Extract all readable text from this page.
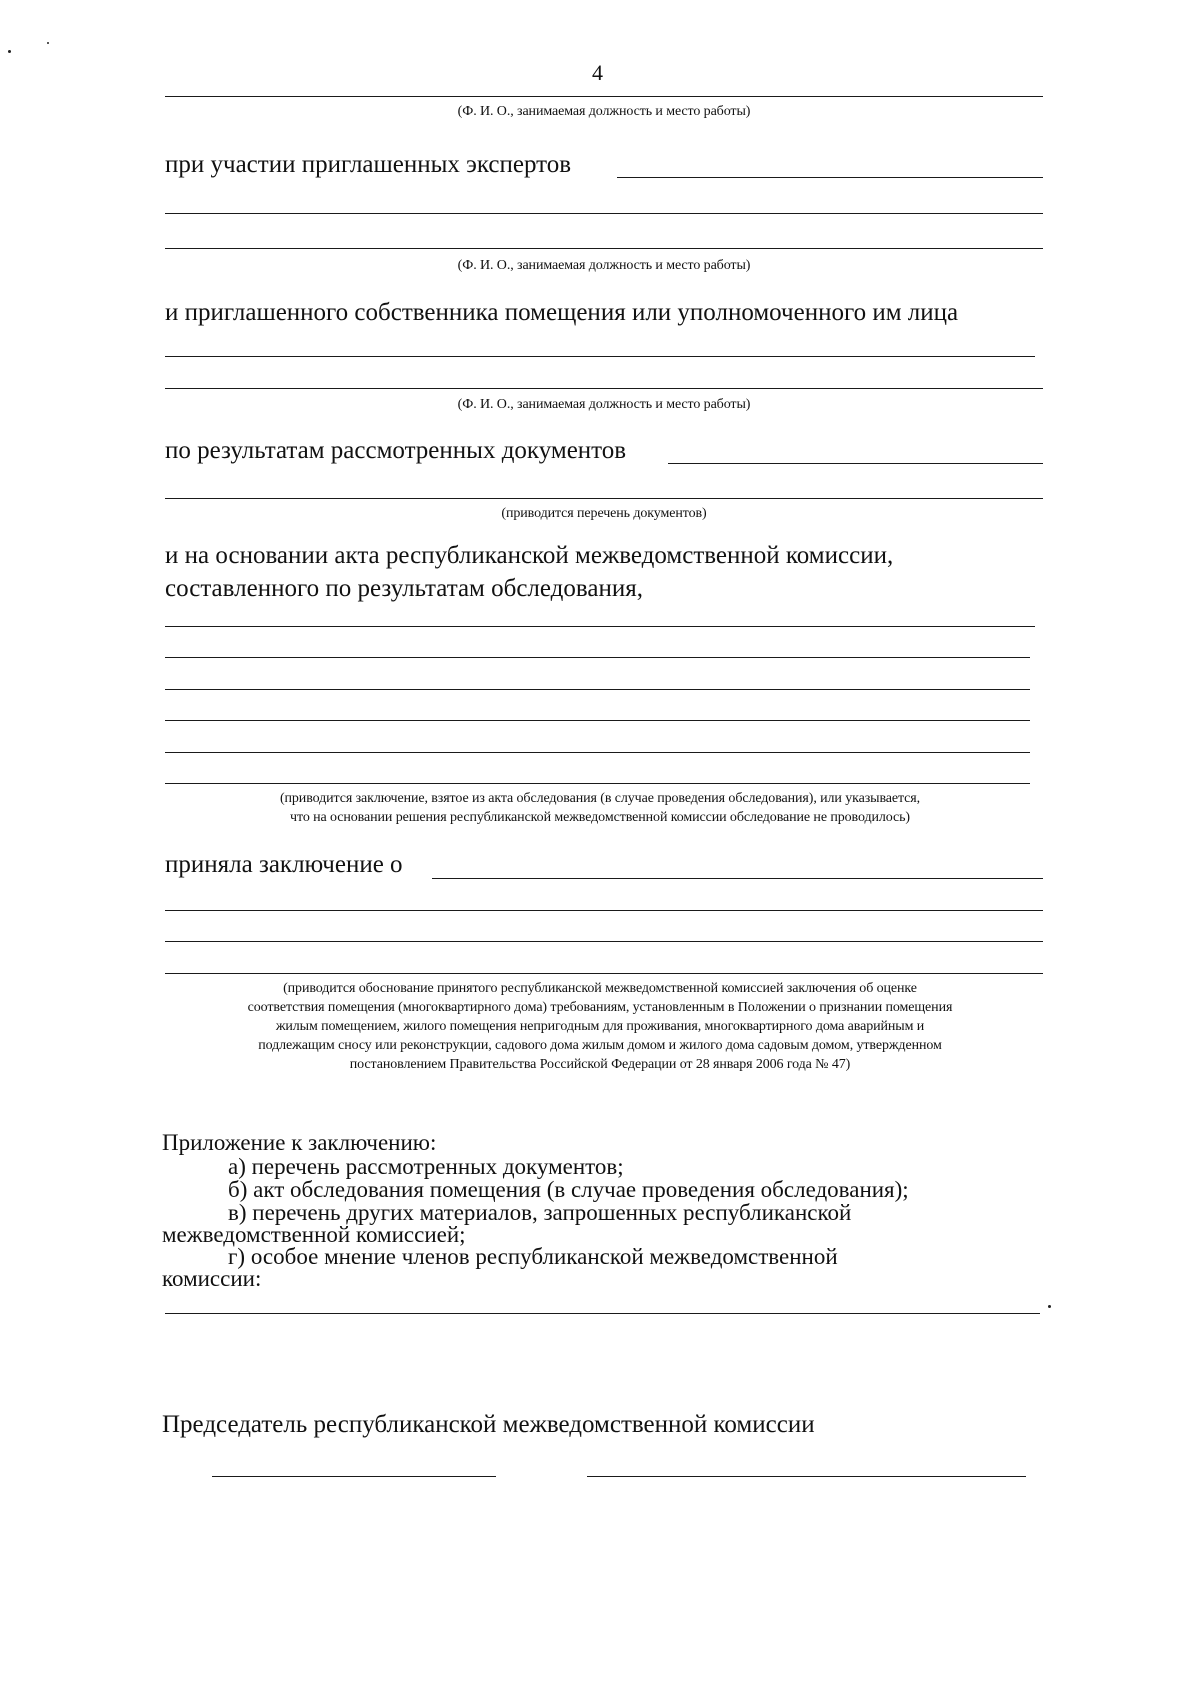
4
(Ф. И. О., занимаемая должность и место работы)
при участии приглашенных экспертов
(Ф. И. О., занимаемая должность и место работы)
и приглашенного собственника помещения или уполномоченного им лица
(Ф. И. О., занимаемая должность и место работы)
по результатам рассмотренных документов
(приводится перечень документов)
и на основании акта республиканской межведомственной комиссии,
составленного по результатам обследования,
(приводится заключение, взятое из акта обследования (в случае проведения обследования), или указывается,
что на основании решения республиканской межведомственной комиссии обследование не проводилось)
приняла заключение о
(приводится обоснование принятого республиканской межведомственной комиссией заключения об оценке
соответствия помещения (многоквартирного дома) требованиям, установленным в Положении о признании помещения
жилым помещением, жилого помещения непригодным для проживания, многоквартирного дома аварийным и
подлежащим сносу или реконструкции, садового дома жилым домом и жилого дома садовым домом, утвержденном
постановлением Правительства Российской Федерации от 28 января 2006 года № 47)
Приложение к заключению:
а) перечень рассмотренных документов;
б) акт обследования помещения (в случае проведения обследования);
в) перечень других материалов, запрошенных республиканской
межведомственной комиссией;
г) особое мнение членов республиканской межведомственной
комиссии:
Председатель республиканской межведомственной комиссии
